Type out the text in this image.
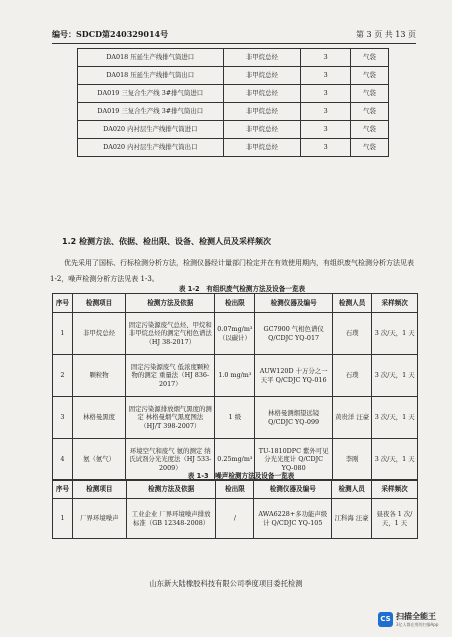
编号：SDCD第240329014号	第 3 页 共 13 页
DA018 压延生产线排气筒进口	非甲烷总烃	3	气袋
DA018 压延生产线排气筒出口	非甲烷总烃	3	气袋
DA019 三复合生产线 3#排气筒进口	非甲烷总烃	3	气袋
DA019 三复合生产线 3#排气筒出口	非甲烷总烃	3	气袋
DA020 内衬层生产线排气筒进口	非甲烷总烃	3	气袋
DA020 内衬层生产线排气筒出口	非甲烷总烃	3	气袋
1.2 检测方法、依据、检出限、设备、检测人员及采样频次
优先采用了国标、行标检测分析方法，检测仪器经计量部门检定并在有效使用期内，有组织废气检测分析方法见表 1-2，噪声检测分析方法见表 1-3。
表 1-2　有组织废气检测方法及设备一览表
序号	检测项目	检测方法及依据	检出限	检测仪器及编号	检测人员	采样频次
1	非甲烷总烃	固定污染源废气总烃、甲烷和非甲烷总烃的测定气相色谱法（HJ 38-2017）	0.07mg/m³（以碳计）	GC7900 气相色谱仪 Q/CDJC YQ-017	石璞	3 次/天，1 天
2	颗粒物	固定污染源废气 低浓度颗粒物的测定 重量法（HJ 836-2017）	1.0 mg/m³	AUW120D 十万分之一天平 Q/CDJC YQ-016	石璞	3 次/天，1 天
3	林格曼黑度	固定污染源排放烟气黑度的测定 林格曼烟气黑度图法（HJ/T 398-2007）	1 级	林格曼测烟望远镜 Q/CDJC YQ-099	黄贵洋 汪豪	3 次/天，1 天
4	氨（氨气）	环境空气和废气 氨的测定 纳氏试剂分光光度法（HJ 533-2009）	0.25mg/m³	TU-1810DPC 紫外可见分光光度计 Q/CDJC YQ-080	李刚	3 次/天，1 天
表 1-3　噪声检测方法及设备一览表
序号	检测项目	检测方法及依据	检出限	检测仪器及编号	检测人员	采样频次
1	厂界环境噪声	工业企业 厂界环境噪声排放标准（GB 12348-2008）	/	AWA6228+多功能声级计 Q/CDJC YQ-105	江科海 汪豪	昼夜各 1 次/天，1 天
山东新大陆橡胶科技有限公司季度项目委托检测
CS 扫描全能王
3亿人都在用的扫描App
